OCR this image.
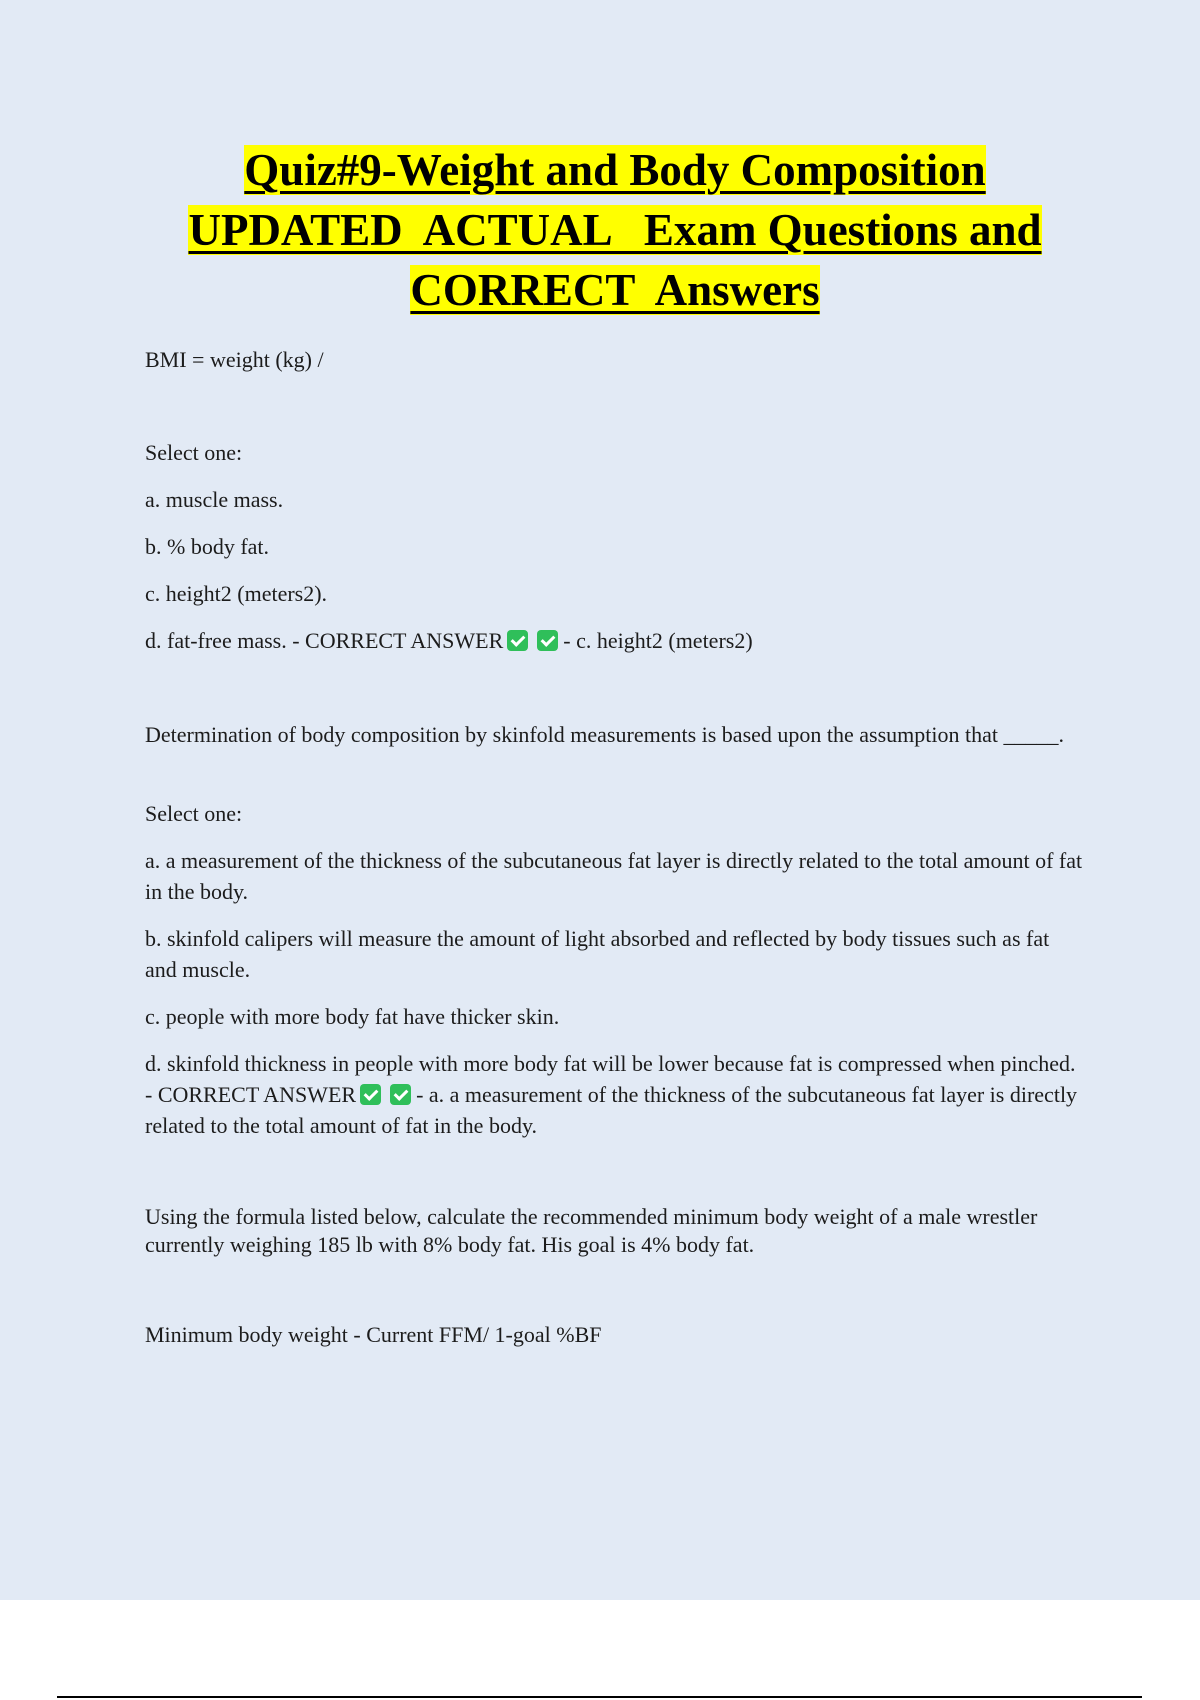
Quiz#9-Weight and Body Composition
UPDATED  ACTUAL   Exam Questions and
CORRECT  Answers

BMI = weight (kg) /

Select one:

a. muscle mass.

b. % body fat.

c. height2 (meters2).

d. fat-free mass. - CORRECT ANSWER	- c. height2 (meters2)

Determination of body composition by skinfold measurements is based upon the assumption that _____.

Select one:

a. a measurement of the thickness of the subcutaneous fat layer is directly related to the total amount of fat in the body.

b. skinfold calipers will measure the amount of light absorbed and reflected by body tissues such as fat and muscle.

c. people with more body fat have thicker skin.

d. skinfold thickness in people with more body fat will be lower because fat is compressed when pinched. - CORRECT ANSWER	- a. a measurement of the thickness of the subcutaneous fat layer is directly related to the total amount of fat in the body.

Using the formula listed below, calculate the recommended minimum body weight of a male wrestler currently weighing 185 lb with 8% body fat. His goal is 4% body fat.

Minimum body weight - Current FFM/ 1-goal %BF
